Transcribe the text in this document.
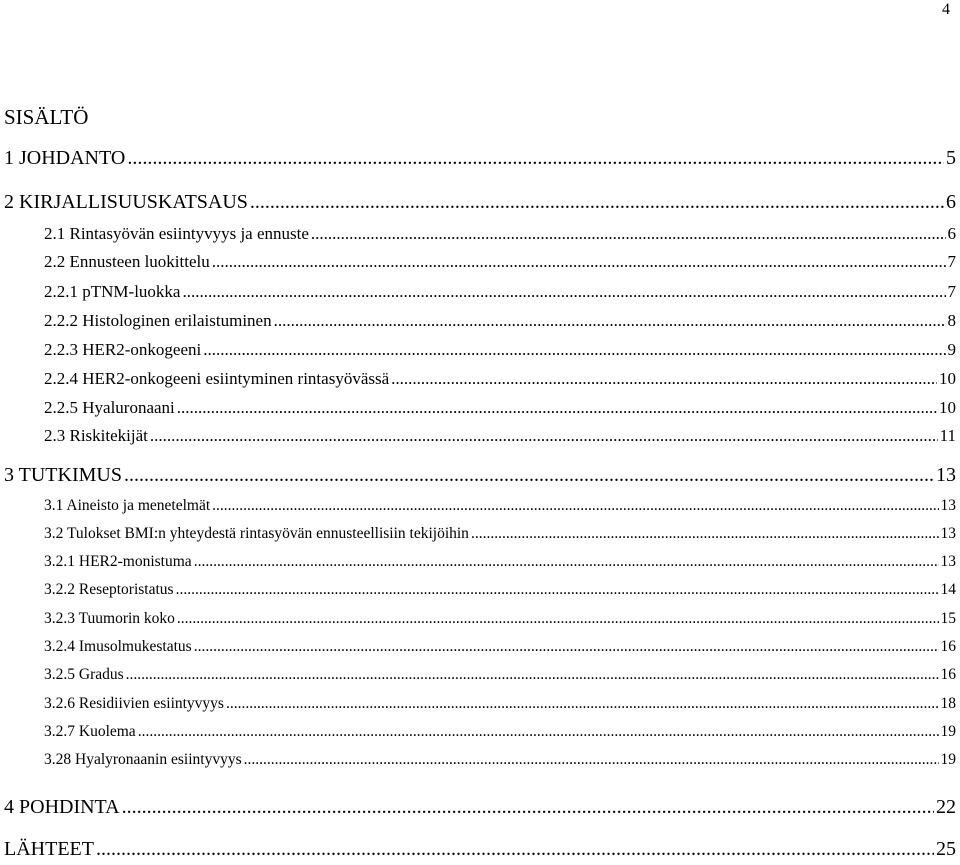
4
SISÄLTÖ
1 JOHDANTO .....	5
2 KIRJALLISUUSKATSAUS .....	6
2.1 Rintasyövän esiintyvyys ja ennuste .....	6
2.2 Ennusteen luokittelu .....	7
2.2.1 pTNM-luokka .....	7
2.2.2 Histologinen erilaistuminen .....	8
2.2.3 HER2-onkogeeni .....	9
2.2.4 HER2-onkogeeni esiintyminen rintasyövässä .....	10
2.2.5 Hyaluronaani .....	10
2.3 Riskitekijät .....	11
3 TUTKIMUS .....	13
3.1 Aineisto ja menetelmät .....	13
3.2 Tulokset BMI:n yhteydestä rintasyövän ennusteellisiin tekijöihin .....	13
3.2.1 HER2-monistuma .....	13
3.2.2 Reseptoristatus .....	14
3.2.3 Tuumorin koko .....	15
3.2.4 Imusolmukestatus .....	16
3.2.5 Gradus .....	16
3.2.6 Residiivien esiintyvyys .....	18
3.2.7 Kuolema .....	19
3.28 Hyalyronaanin esiintyvyys .....	19
4 POHDINTA .....	22
LÄHTEET .....	25
